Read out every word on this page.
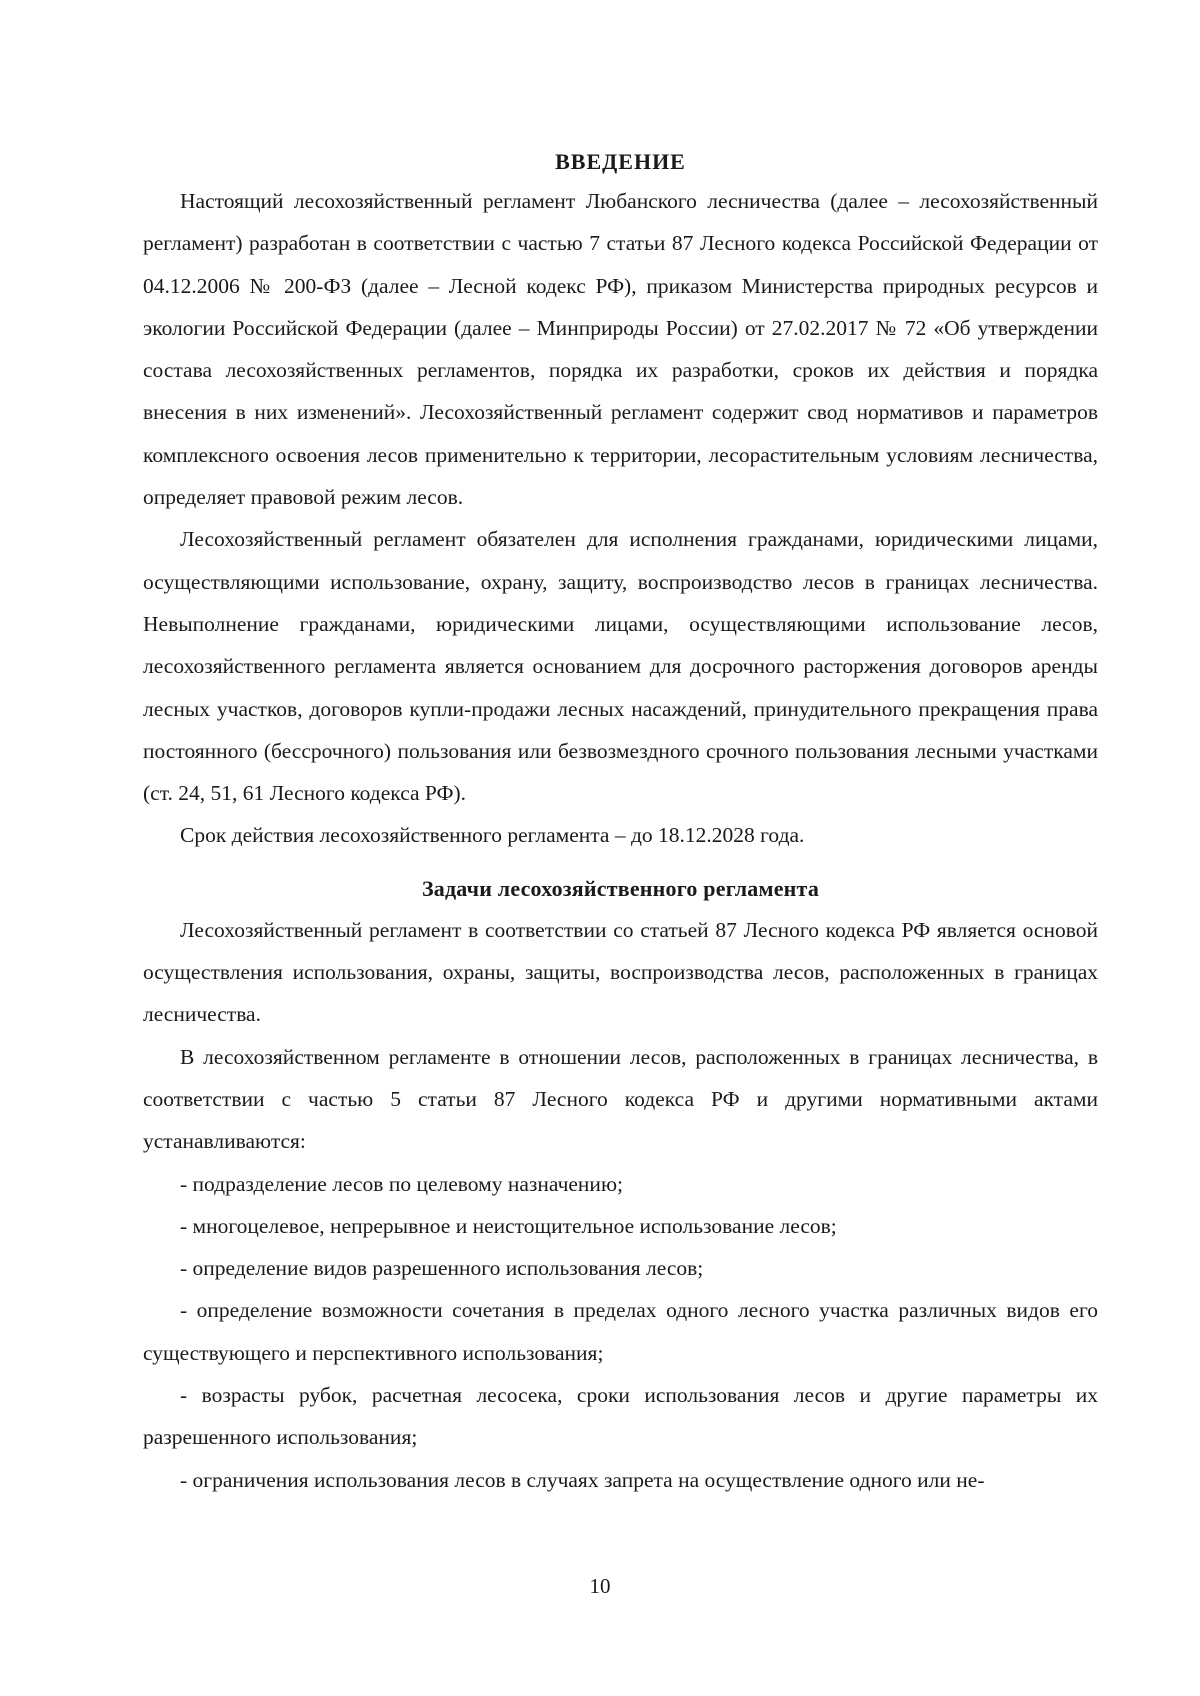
ВВЕДЕНИЕ

Настоящий лесохозяйственный регламент Любанского лесничества (далее – лесохозяйственный регламент) разработан в соответствии с частью 7 статьи 87 Лесного кодекса Российской Федерации от 04.12.2006 № 200-ФЗ (далее – Лесной кодекс РФ), приказом Министерства природных ресурсов и экологии Российской Федерации (далее – Минприроды России) от 27.02.2017 № 72 «Об утверждении состава лесохозяйственных регламентов, порядка их разработки, сроков их действия и порядка внесения в них изменений». Лесохозяйственный регламент содержит свод нормативов и параметров комплексного освоения лесов применительно к территории, лесорастительным условиям лесничества, определяет правовой режим лесов.

Лесохозяйственный регламент обязателен для исполнения гражданами, юридическими лицами, осуществляющими использование, охрану, защиту, воспроизводство лесов в границах лесничества. Невыполнение гражданами, юридическими лицами, осуществляющими использование лесов, лесохозяйственного регламента является основанием для досрочного расторжения договоров аренды лесных участков, договоров купли-продажи лесных насаждений, принудительного прекращения права постоянного (бессрочного) пользования или безвозмездного срочного пользования лесными участками (ст. 24, 51, 61 Лесного кодекса РФ).

Срок действия лесохозяйственного регламента – до 18.12.2028 года.

Задачи лесохозяйственного регламента

Лесохозяйственный регламент в соответствии со статьей 87 Лесного кодекса РФ является основой осуществления использования, охраны, защиты, воспроизводства лесов, расположенных в границах лесничества.

В лесохозяйственном регламенте в отношении лесов, расположенных в границах лесничества, в соответствии с частью 5 статьи 87 Лесного кодекса РФ и другими нормативными актами устанавливаются:

- подразделение лесов по целевому назначению;

- многоцелевое, непрерывное и неистощительное использование лесов;

- определение видов разрешенного использования лесов;

- определение возможности сочетания в пределах одного лесного участка различных видов его существующего и перспективного использования;

- возрасты рубок, расчетная лесосека, сроки использования лесов и другие параметры их разрешенного использования;

- ограничения использования лесов в случаях запрета на осуществление одного или не-

10
